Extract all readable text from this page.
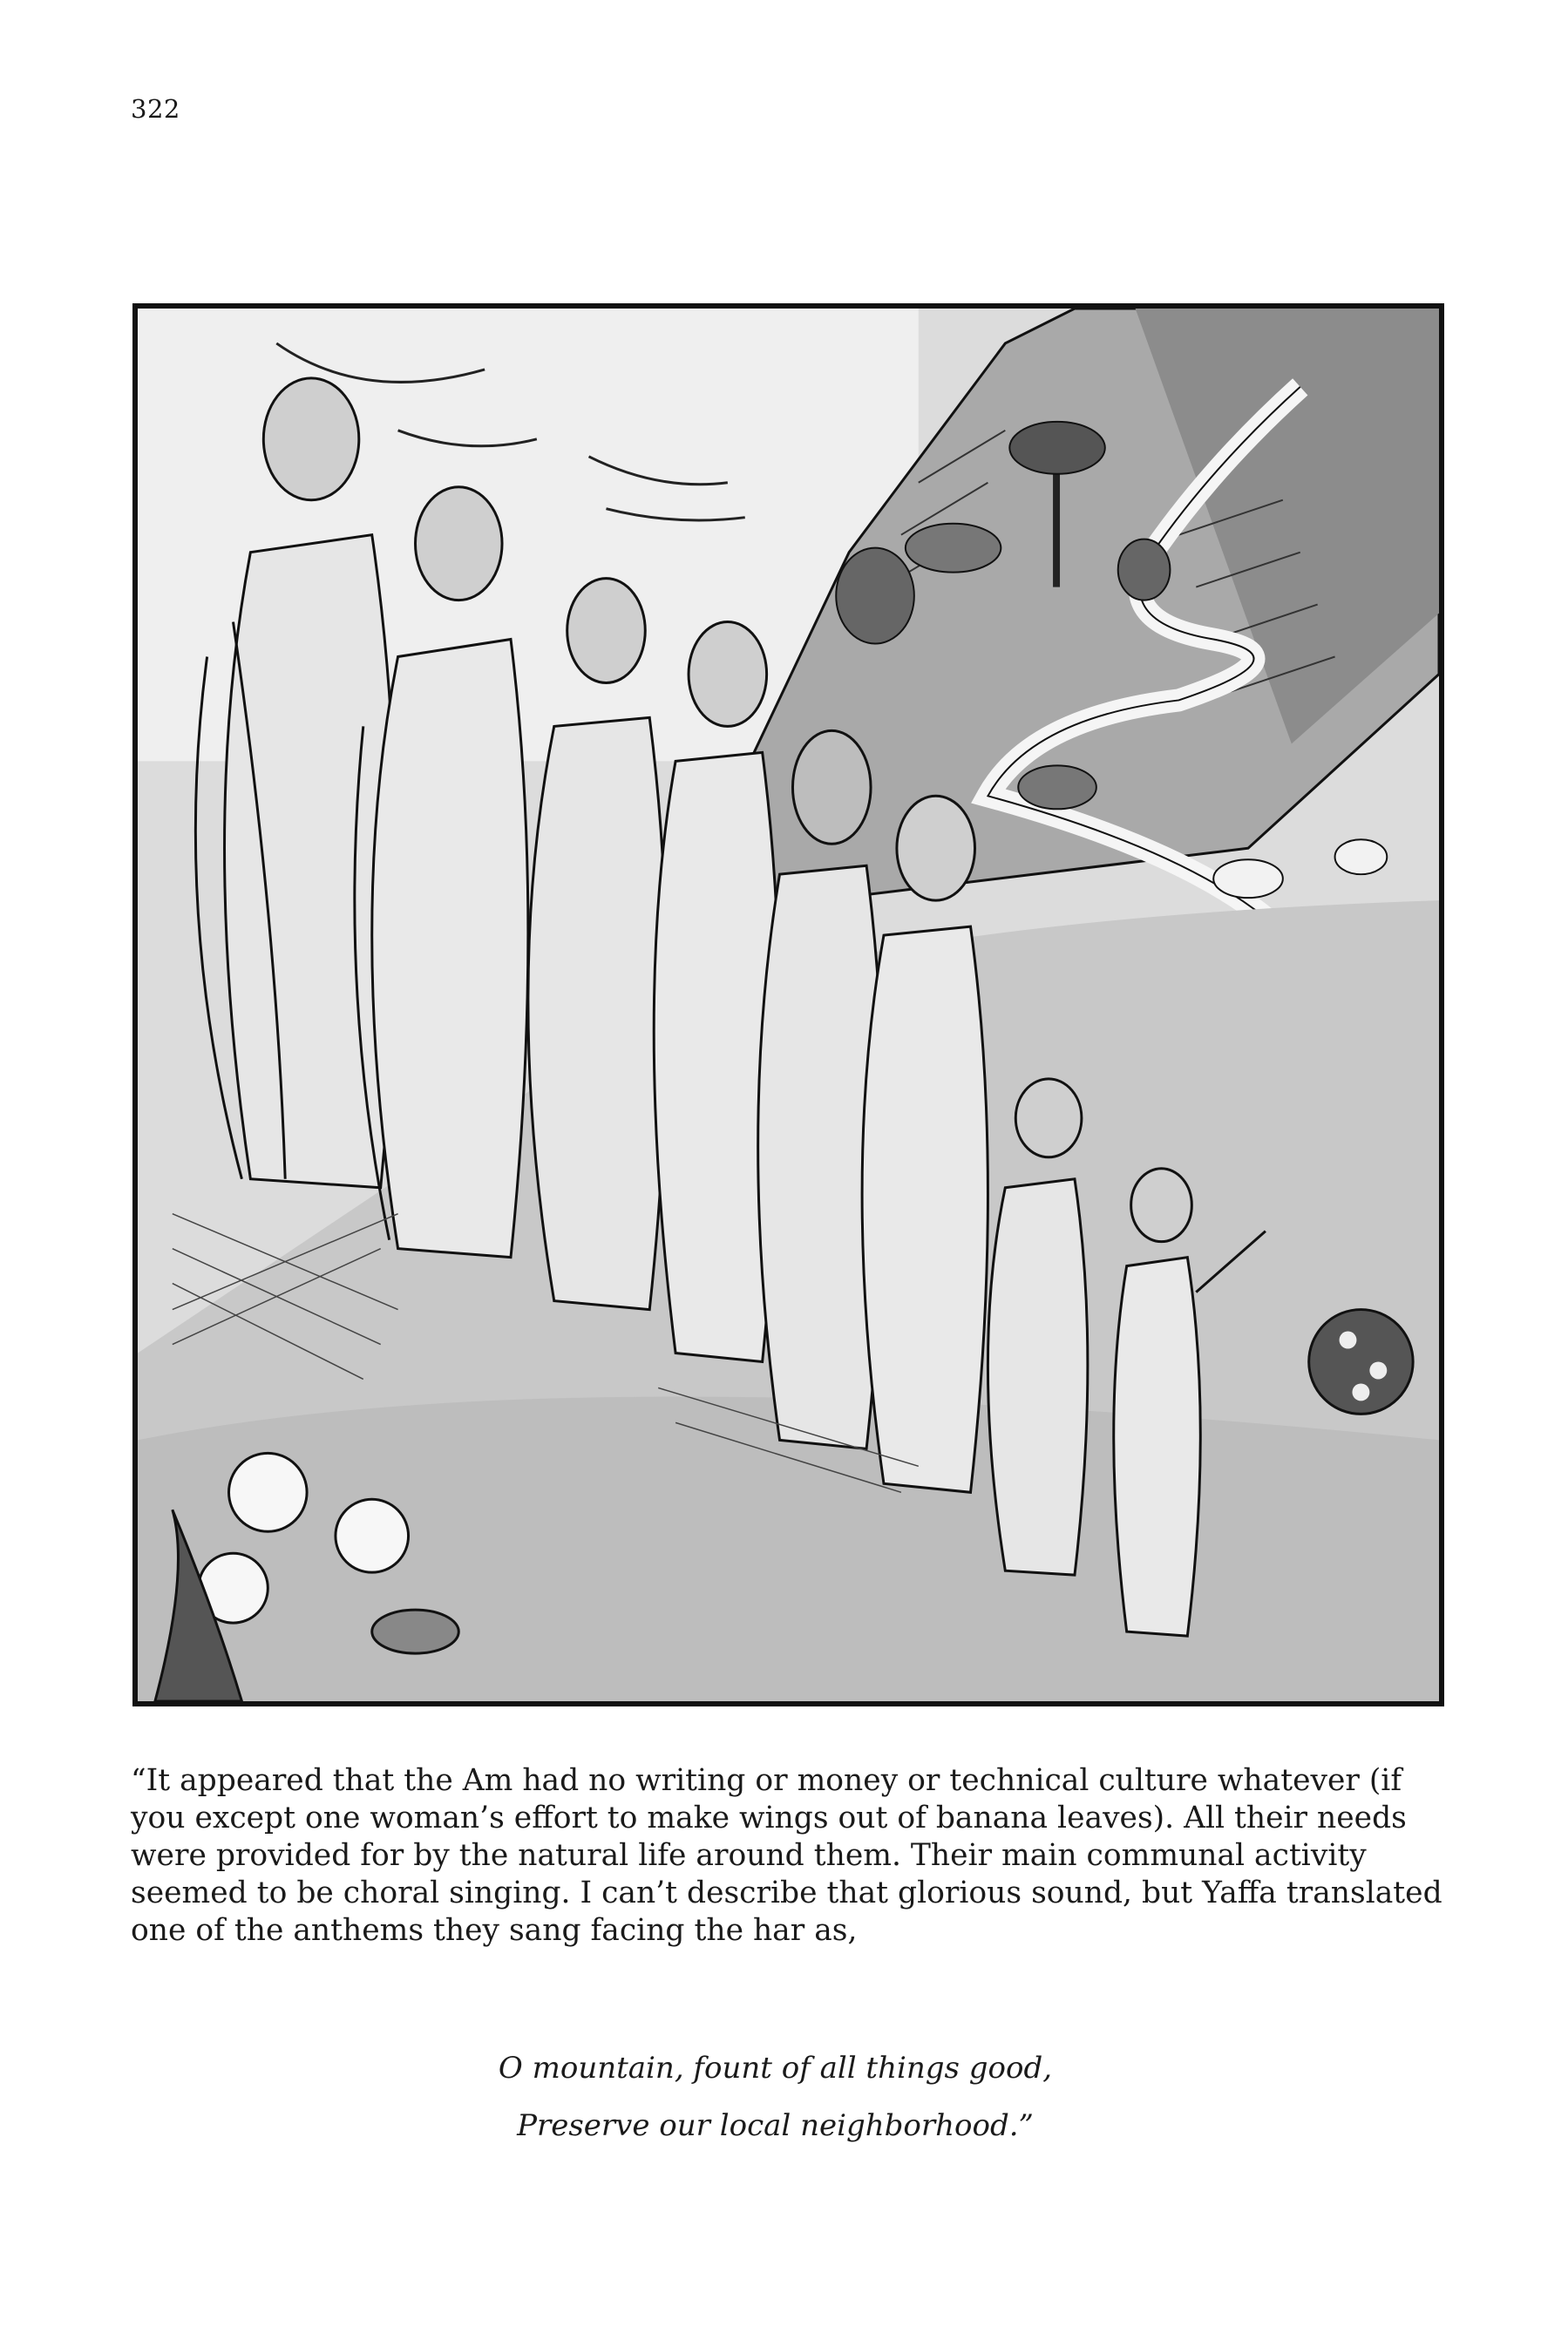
322

“It appeared that the Am had no writing or money or technical culture whatever (if you except one woman’s effort to make wings out of banana leaves). All their needs were provided for by the natural life around them. Their main communal activity seemed to be choral singing. I can’t describe that glorious sound, but Yaffa translated one of the anthems they sang facing the har as,

O mountain, fount of all things good,
Preserve our local neighborhood.”
